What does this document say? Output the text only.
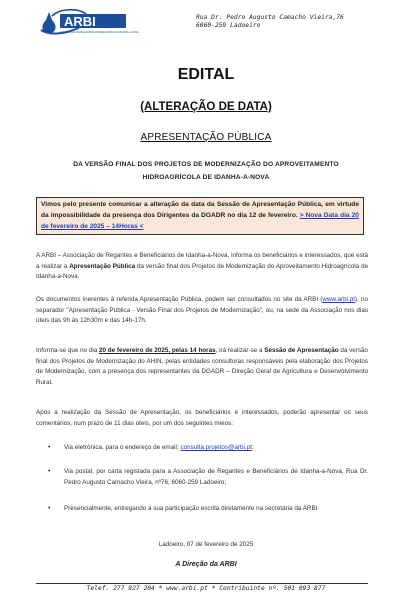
ARBI
ASSOCIAÇÃO DE REGANTES E BENEFICIÁRIOS DE IDANHA-A-NOVA
Rua Dr. Pedro Augusto Camacho Vieira,76
6060-259 Ladoeiro
EDITAL
(ALTERAÇÃO DE DATA)
APRESENTAÇÃO PÚBLICA
DA VERSÃO FINAL DOS PROJETOS DE MODERNIZAÇÃO DO APROVEITAMENTO
HIDROAGRÍCOLA DE IDANHA-A-NOVA
Vimos pelo presente comunicar a alteração da data da Sessão de Apresentação Pública, em virtude da impossibilidade da presença dos Dirigentes da DGADR no dia 12 de fevereiro. > Nova Data dia 20 de fevereiro de 2025 – 14Horas <
A ARBI – Associação de Regantes e Beneficiários de Idanha-a-Nova, informa os beneficiários e interessados, que está a realizar a Apresentação Pública da versão final dos Projetos de Modernização do Aproveitamento Hidroagrícola de Idanha-a-Nova.
Os documentos inerentes à referida Apresentação Pública, podem ser consultados no site da ARBI (www.arbi.pt), no separador "Apresentação Pública - Versão Final dos Projetos de Modernização", ou, na sede da Associação nos dias úteis das 9h às 12h30m e das 14h-17h.
Informa-se que no dia 20 de fevereiro de 2025, pelas 14 horas, irá realizar-se a Sessão de Apresentação da versão final dos Projetos de Modernização do AHIN, pelas entidades consultoras responsáveis pela elaboração dos Projetos de Modernização, com a presença dos representantes da DGADR – Direção Geral de Agricultura e Desenvolvimento Rural.
Após a realização da Sessão de Apresentação, os beneficiários e interessados, poderão apresentar os seus comentários, num prazo de 11 dias úteis, por um dos seguintes meios:
• Via eletrónica, para o endereço de email: consulta.projetos@arbi.pt;
• Via postal, por carta registada para a Associação de Regantes e Beneficiários de Idanha-a-Nova, Rua Dr. Pedro Augusto Camacho Vieira, nº76, 6060-259 Ladoeiro;
• Presencialmente, entregando a sua participação escrita diretamente na secretaria da ARBI.
Ladoeiro, 07 de fevereiro de 2025
A Direção da ARBI
Telef. 277 927 204 * www.arbi.pt * Contribuinte nº. 501 093 877
